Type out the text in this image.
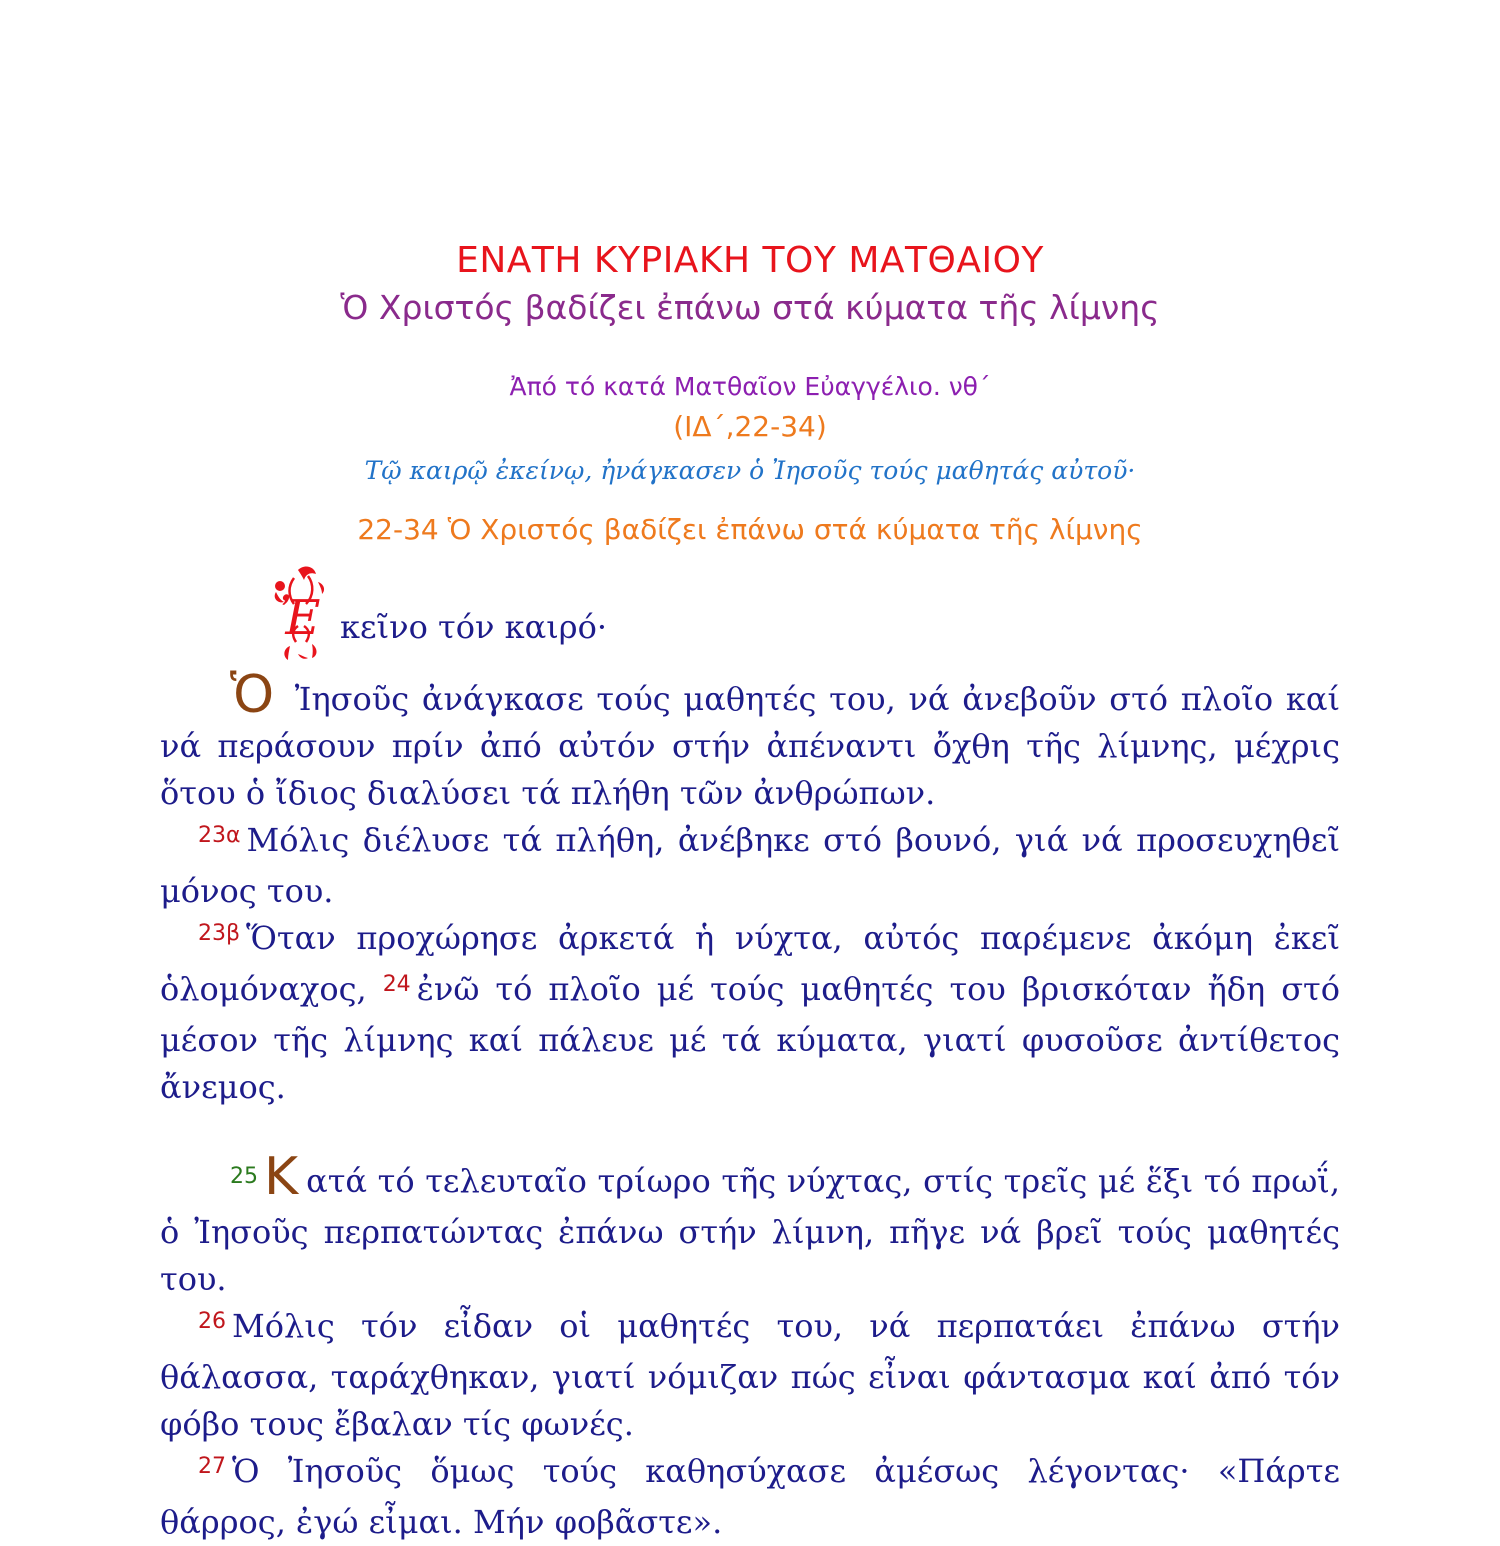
ΕΝΑΤΗ ΚΥΡΙΑΚΗ ΤΟΥ ΜΑΤΘΑΙΟΥ
Ὁ Χριστός βαδίζει ἐπάνω στά κύματα τῆς λίμνης
Ἀπό τό κατά Ματθαῖον Εὐαγγέλιο. νθ΄
(ΙΔ΄,22-34)
Τῷ καιρῷ ἐκείνῳ, ἠνάγκασεν ὁ Ἰησοῦς τούς μαθητάς αὐτοῦ·
22-34 Ὁ Χριστός βαδίζει ἐπάνω στά κύματα τῆς λίμνης
Ἐ κεῖνο τόν καιρό·

Ὁ Ἰησοῦς ἀνάγκασε τούς μαθητές του, νά ἀνεβοῦν στό πλοῖο καί νά περάσουν πρίν ἀπό αὐτόν στήν ἀπέναντι ὄχθη τῆς λίμνης, μέχρις ὅτου ὁ ἴδιος διαλύσει τά πλήθη τῶν ἀνθρώπων.

$^{23\alpha}$ Μόλις διέλυσε τά πλήθη, ἀνέβηκε στό βουνό, γιά νά προσευχηθεῖ μόνος του.

$^{23\beta}$ Ὅταν προχώρησε ἀρκετά ἡ νύχτα, αὐτός παρέμενε ἀκόμη ἐκεῖ ὁλομόναχος, $^{24}$ ἐνῶ τό πλοῖο μέ τούς μαθητές του βρισκόταν ἤδη στό μέσον τῆς λίμνης καί πάλευε μέ τά κύματα, γιατί φυσοῦσε ἀντίθετος ἄνεμος.

$^{25}$ Κ ατά τό τελευταῖο τρίωρο τῆς νύχτας, στίς τρεῖς μέ ἕξι τό πρωΐ, ὁ Ἰησοῦς περπατώντας ἐπάνω στήν λίμνη, πῆγε νά βρεῖ τούς μαθητές του.

$^{26}$ Μόλις τόν εἶδαν οἱ μαθητές του, νά περπατάει ἐπάνω στήν θάλασσα, ταράχθηκαν, γιατί νόμιζαν πώς εἶναι φάντασμα καί ἀπό τόν φόβο τους ἔβαλαν τίς φωνές.

$^{27}$ Ὁ Ἰησοῦς ὅμως τούς καθησύχασε ἀμέσως λέγοντας· «Πάρτε θάρρος, ἐγώ εἶμαι. Μήν φοβᾶστε».
